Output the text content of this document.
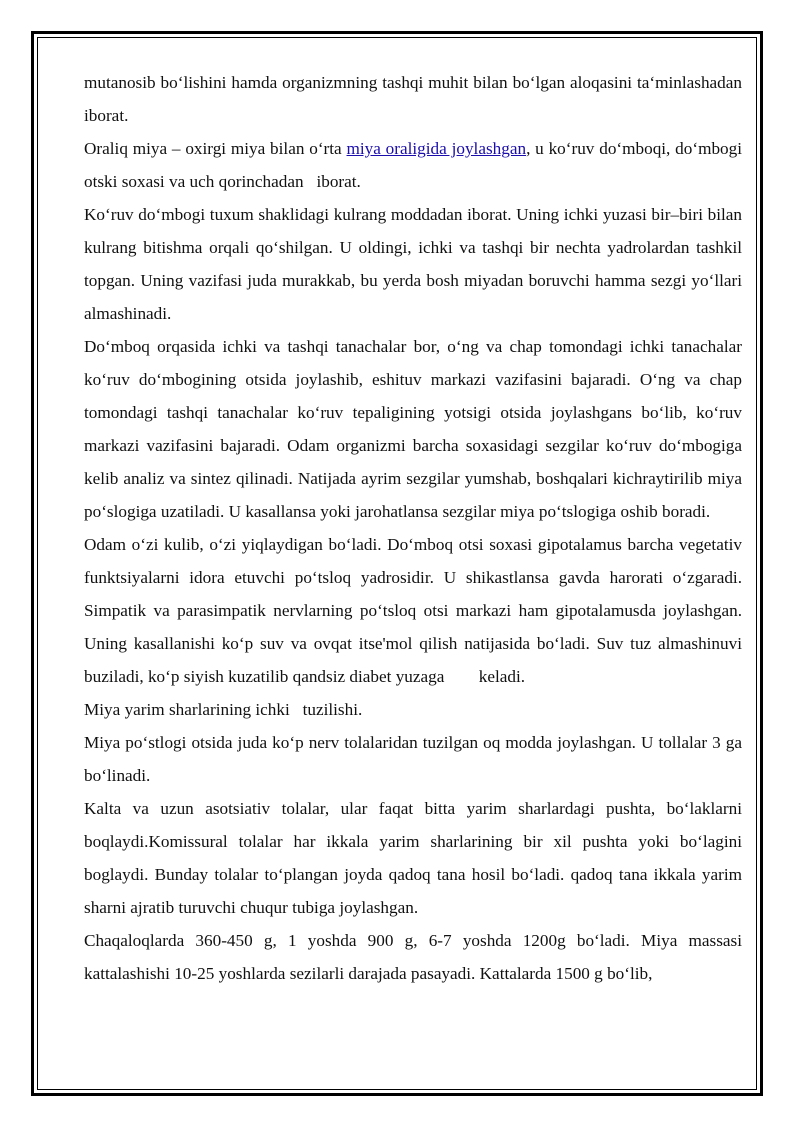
mutanosib bo‘lishini hamda organizmning tashqi muhit bilan bo‘lgan aloqasini ta‘minlashadan      iborat.

Oraliq miya – oxirgi miya bilan o‘rta miya oraligida joylashgan, u ko‘ruv do‘mboqi, do‘mbogi otski soxasi va uch qorinchadan   iborat.

Ko‘ruv do‘mbogi tuxum shaklidagi kulrang moddadan iborat. Uning ichki yuzasi bir–biri bilan kulrang bitishma orqali qo‘shilgan. U oldingi, ichki va tashqi bir nechta yadrolardan tashkil topgan. Uning vazifasi juda murakkab, bu yerda bosh miyadan boruvchi hamma sezgi yo‘llari  almashinadi.

Do‘mboq orqasida ichki va tashqi tanachalar bor, o‘ng va chap tomondagi ichki tanachalar ko‘ruv do‘mbogining otsida joylashib, eshituv markazi vazifasini bajaradi. O‘ng va chap tomondagi tashqi tanachalar ko‘ruv tepaligining yotsigi otsida joylashgans bo‘lib, ko‘ruv markazi vazifasini bajaradi. Odam organizmi barcha soxasidagi sezgilar ko‘ruv do‘mbogiga kelib analiz va sintez qilinadi. Natijada ayrim sezgilar yumshab, boshqalari kichraytirilib miya po‘slogiga uzatiladi. U kasallansa yoki jarohatlansa sezgilar miya po‘tslogiga oshib boradi.

Odam o‘zi kulib, o‘zi yiqlaydigan bo‘ladi. Do‘mboq otsi soxasi gipotalamus barcha vegetativ funktsiyalarni idora etuvchi po‘tsloq yadrosidir. U shikastlansa gavda harorati o‘zgaradi. Simpatik va parasimpatik nervlarning po‘tsloq otsi markazi ham gipotalamusda joylashgan. Uning kasallanishi ko‘p suv va ovqat itse'mol qilish natijasida bo‘ladi. Suv tuz almashinuvi buziladi, ko‘p siyish kuzatilib qandsiz diabet yuzaga        keladi.

Miya yarim sharlarining ichki   tuzilishi.

Miya po‘stlogi otsida juda ko‘p nerv tolalaridan tuzilgan oq modda joylashgan. U tollalar 3 ga bo‘linadi.

Kalta va uzun asotsiativ tolalar, ular faqat bitta yarim sharlardagi pushta, bo‘laklarni boqlaydi.Komissural tolalar har ikkala yarim sharlarining bir xil pushta yoki bo‘lagini boglaydi. Bunday tolalar to‘plangan joyda qadoq tana hosil bo‘ladi. qadoq tana ikkala yarim sharni ajratib turuvchi chuqur tubiga joylashgan.

Chaqaloqlarda 360-450 g, 1 yoshda 900 g, 6-7 yoshda 1200g bo‘ladi. Miya massasi kattalashishi 10-25 yoshlarda sezilarli darajada pasayadi. Kattalarda 1500 g bo‘lib,
